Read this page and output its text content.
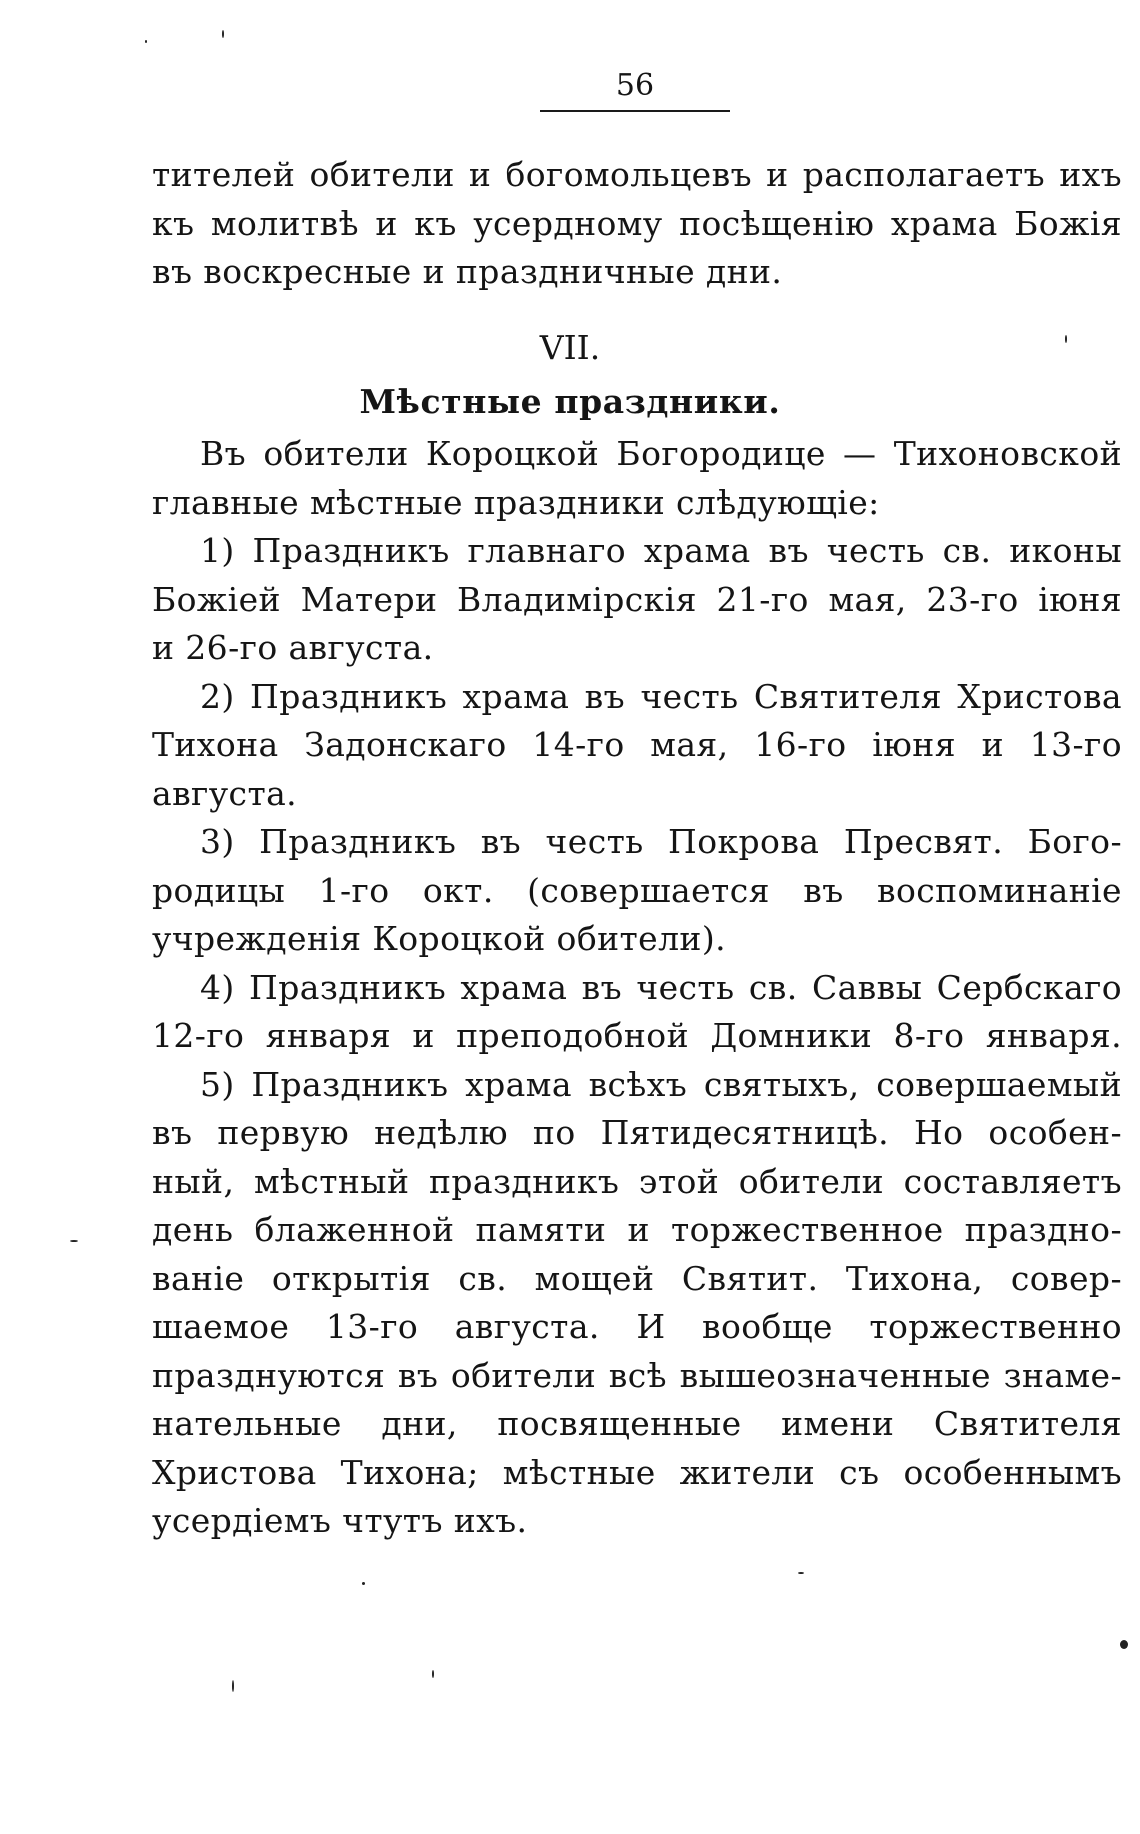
56
тителей обители и богомольцевъ и располагаетъ ихъ
къ молитвѣ и къ усердному посѣщенію храма Божія
въ воскресные и праздничные дни.
VII.
Мѣстные праздники.
Въ обители Короцкой Богородице — Тихоновской
главные мѣстные праздники слѣдующіе:
1) Праздникъ главнаго храма въ честь св. иконы
Божіей Матери Владимірскія 21-го мая, 23-го іюня
и 26-го августа.
2) Праздникъ храма въ честь Святителя Христова
Тихона Задонскаго 14-го мая, 16-го іюня и 13-го
августа.
3) Праздникъ въ честь Покрова Пресвят. Бого-
родицы 1-го окт. (совершается въ воспоминаніе
учрежденія Короцкой обители).
4) Праздникъ храма въ честь св. Саввы Сербскаго
12-го января и преподобной Домники 8-го января.
5) Праздникъ храма всѣхъ святыхъ, совершаемый
въ первую недѣлю по Пятидесятницѣ. Но особен-
ный, мѣстный праздникъ этой обители составляетъ
день блаженной памяти и торжественное праздно-
ваніе открытія св. мощей Святит. Тихона, совер-
шаемое 13-го августа. И вообще торжественно
празднуются въ обители всѣ вышеозначенные знаме-
нательные дни, посвященные имени Святителя
Христова Тихона; мѣстные жители съ особеннымъ
усердіемъ чтутъ ихъ.
